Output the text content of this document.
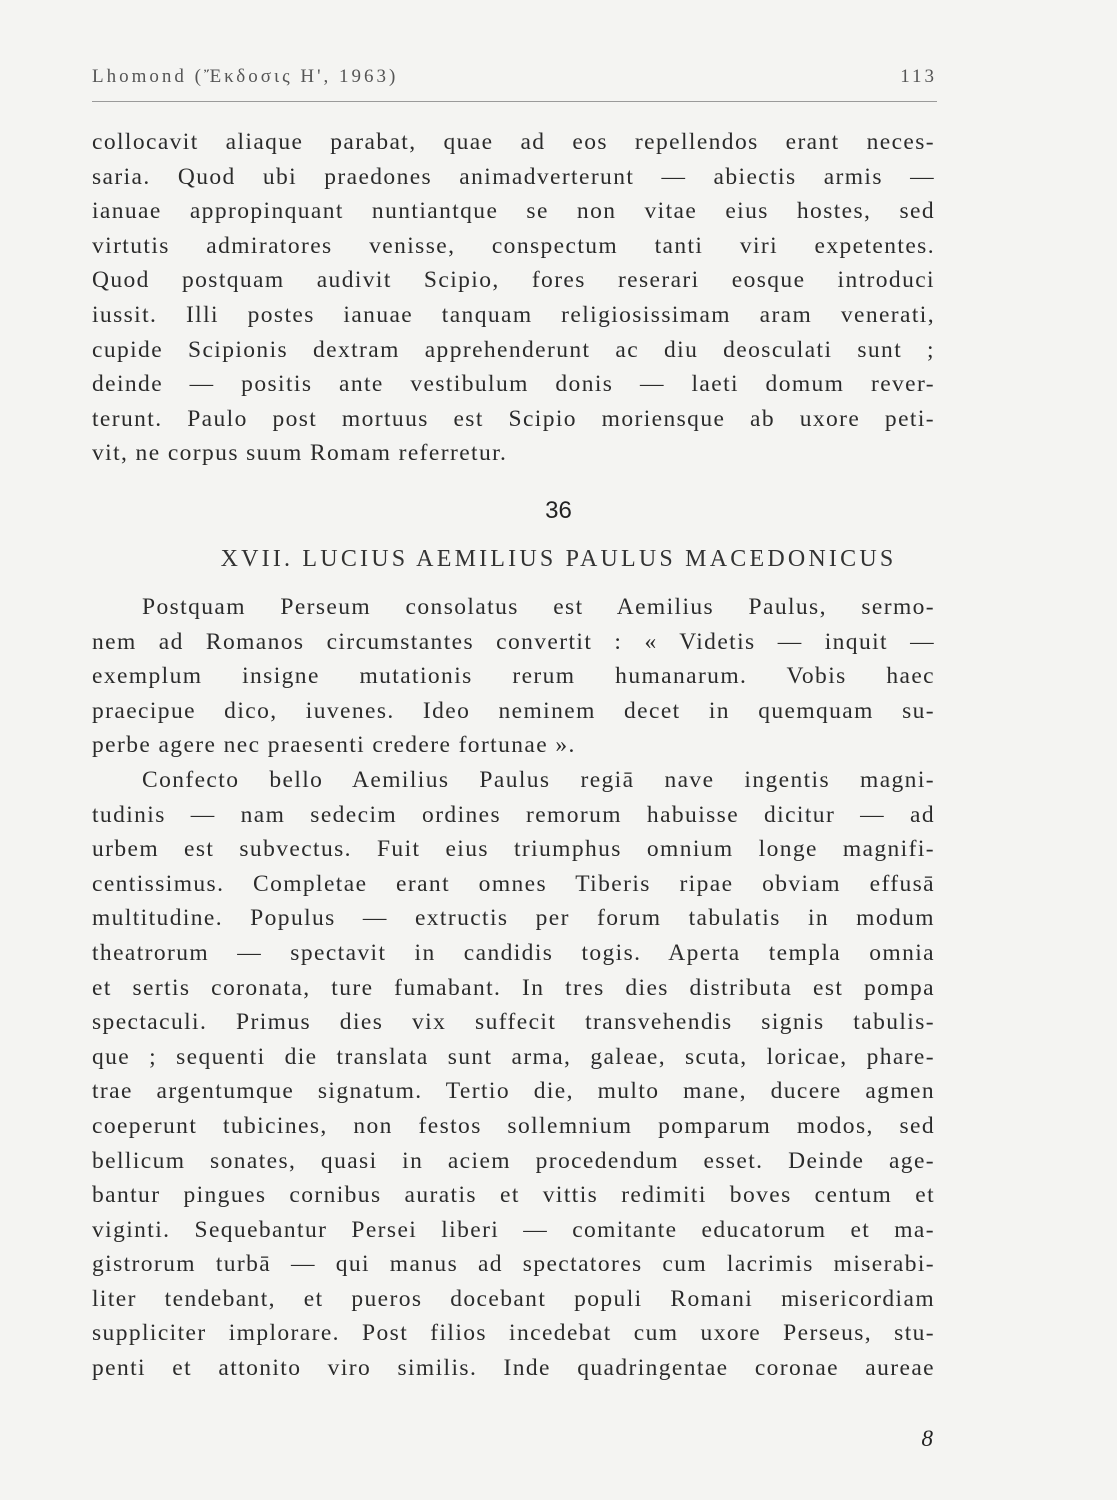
Lhomond (Ἔκδοσις Η', 1963)	113
collocavit aliaque parabat, quae ad eos repellendos erant neces-
saria. Quod ubi praedones animadverterunt — abiectis armis —
ianuae appropinquant nuntiantque se non vitae eius hostes, sed
virtutis admiratores venisse, conspectum tanti viri expetentes.
Quod postquam audivit Scipio, fores reserari eosque introduci
iussit. Illi postes ianuae tanquam religiosissimam aram venerati,
cupide Scipionis dextram apprehenderunt ac diu deosculati sunt ;
deinde — positis ante vestibulum donis — laeti domum rever-
terunt. Paulo post mortuus est Scipio moriensque ab uxore peti-
vit, ne corpus suum Romam referretur.
36
XVII. LUCIUS AEMILIUS PAULUS MACEDONICUS
Postquam Perseum consolatus est Aemilius Paulus, sermo-
nem ad Romanos circumstantes convertit : « Videtis — inquit —
exemplum insigne mutationis rerum humanarum. Vobis haec
praecipue dico, iuvenes. Ideo neminem decet in quemquam su-
perbe agere nec praesenti credere fortunae ».
Confecto bello Aemilius Paulus regiā nave ingentis magni-
tudinis — nam sedecim ordines remorum habuisse dicitur — ad
urbem est subvectus. Fuit eius triumphus omnium longe magnifi-
centissimus. Completae erant omnes Tiberis ripae obviam effusā
multitudine. Populus — extructis per forum tabulatis in modum
theatrorum — spectavit in candidis togis. Aperta templa omnia
et sertis coronata, ture fumabant. In tres dies distributa est pompa
spectaculi. Primus dies vix suffecit transvehendis signis tabulis-
que ; sequenti die translata sunt arma, galeae, scuta, loricae, phare-
trae argentumque signatum. Tertio die, multo mane, ducere agmen
coeperunt tubicines, non festos sollemnium pomparum modos, sed
bellicum sonates, quasi in aciem procedendum esset. Deinde age-
bantur pingues cornibus auratis et vittis redimiti boves centum et
viginti. Sequebantur Persei liberi — comitante educatorum et ma-
gistrorum turbā — qui manus ad spectatores cum lacrimis miserabi-
liter tendebant, et pueros docebant populi Romani misericordiam
suppliciter implorare. Post filios incedebat cum uxore Perseus, stu-
penti et attonito viro similis. Inde quadringentae coronae aureae
8
